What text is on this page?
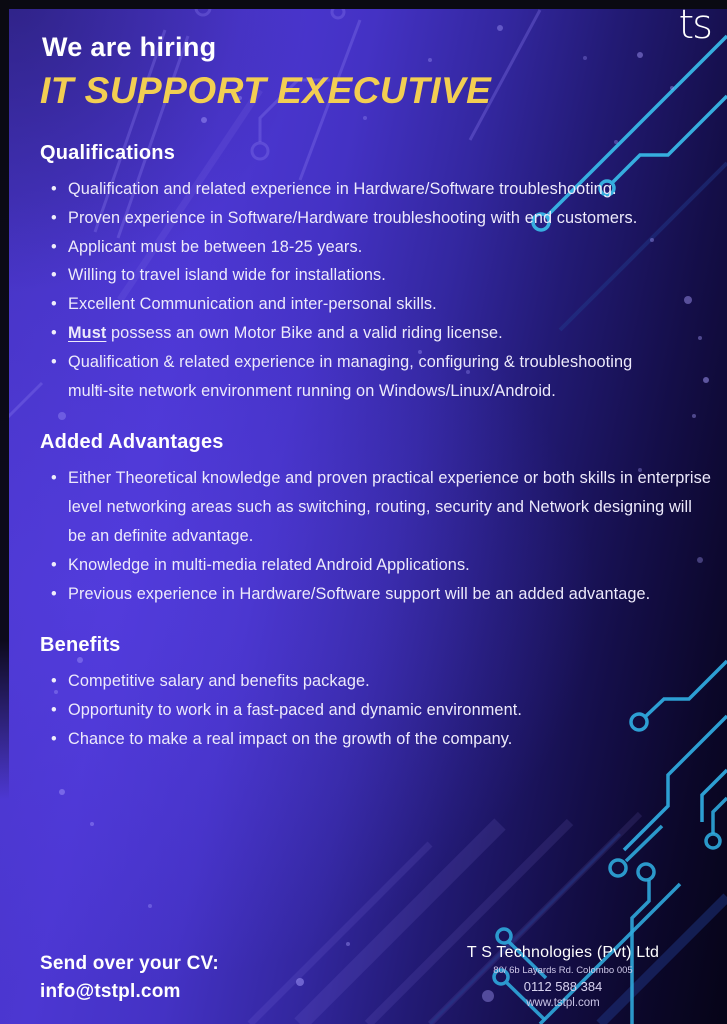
ts
We are hiring
IT SUPPORT EXECUTIVE
Qualifications
• Qualification and related experience in Hardware/Software troubleshooting.
• Proven experience in Software/Hardware troubleshooting with end customers.
• Applicant must be between 18-25 years.
• Willing to travel island wide for installations.
• Excellent Communication and inter-personal skills.
• Must possess an own Motor Bike and a valid riding license.
• Qualification & related experience in managing, configuring & troubleshooting multi-site network environment running on Windows/Linux/Android.
Added Advantages
• Either Theoretical knowledge and proven practical experience or both skills in enterprise level networking areas such as switching, routing, security and Network designing will be an definite advantage.
• Knowledge in multi-media related Android Applications.
• Previous experience in Hardware/Software support will be an added advantage.
Benefits
• Competitive salary and benefits package.
• Opportunity to work in a fast-paced and dynamic environment.
• Chance to make a real impact on the growth of the company.
Send over your CV:
info@tstpl.com
T S Technologies (Pvt) Ltd
80/ 6b Layards Rd. Colombo 005
0112 588 384
www.tstpl.com
